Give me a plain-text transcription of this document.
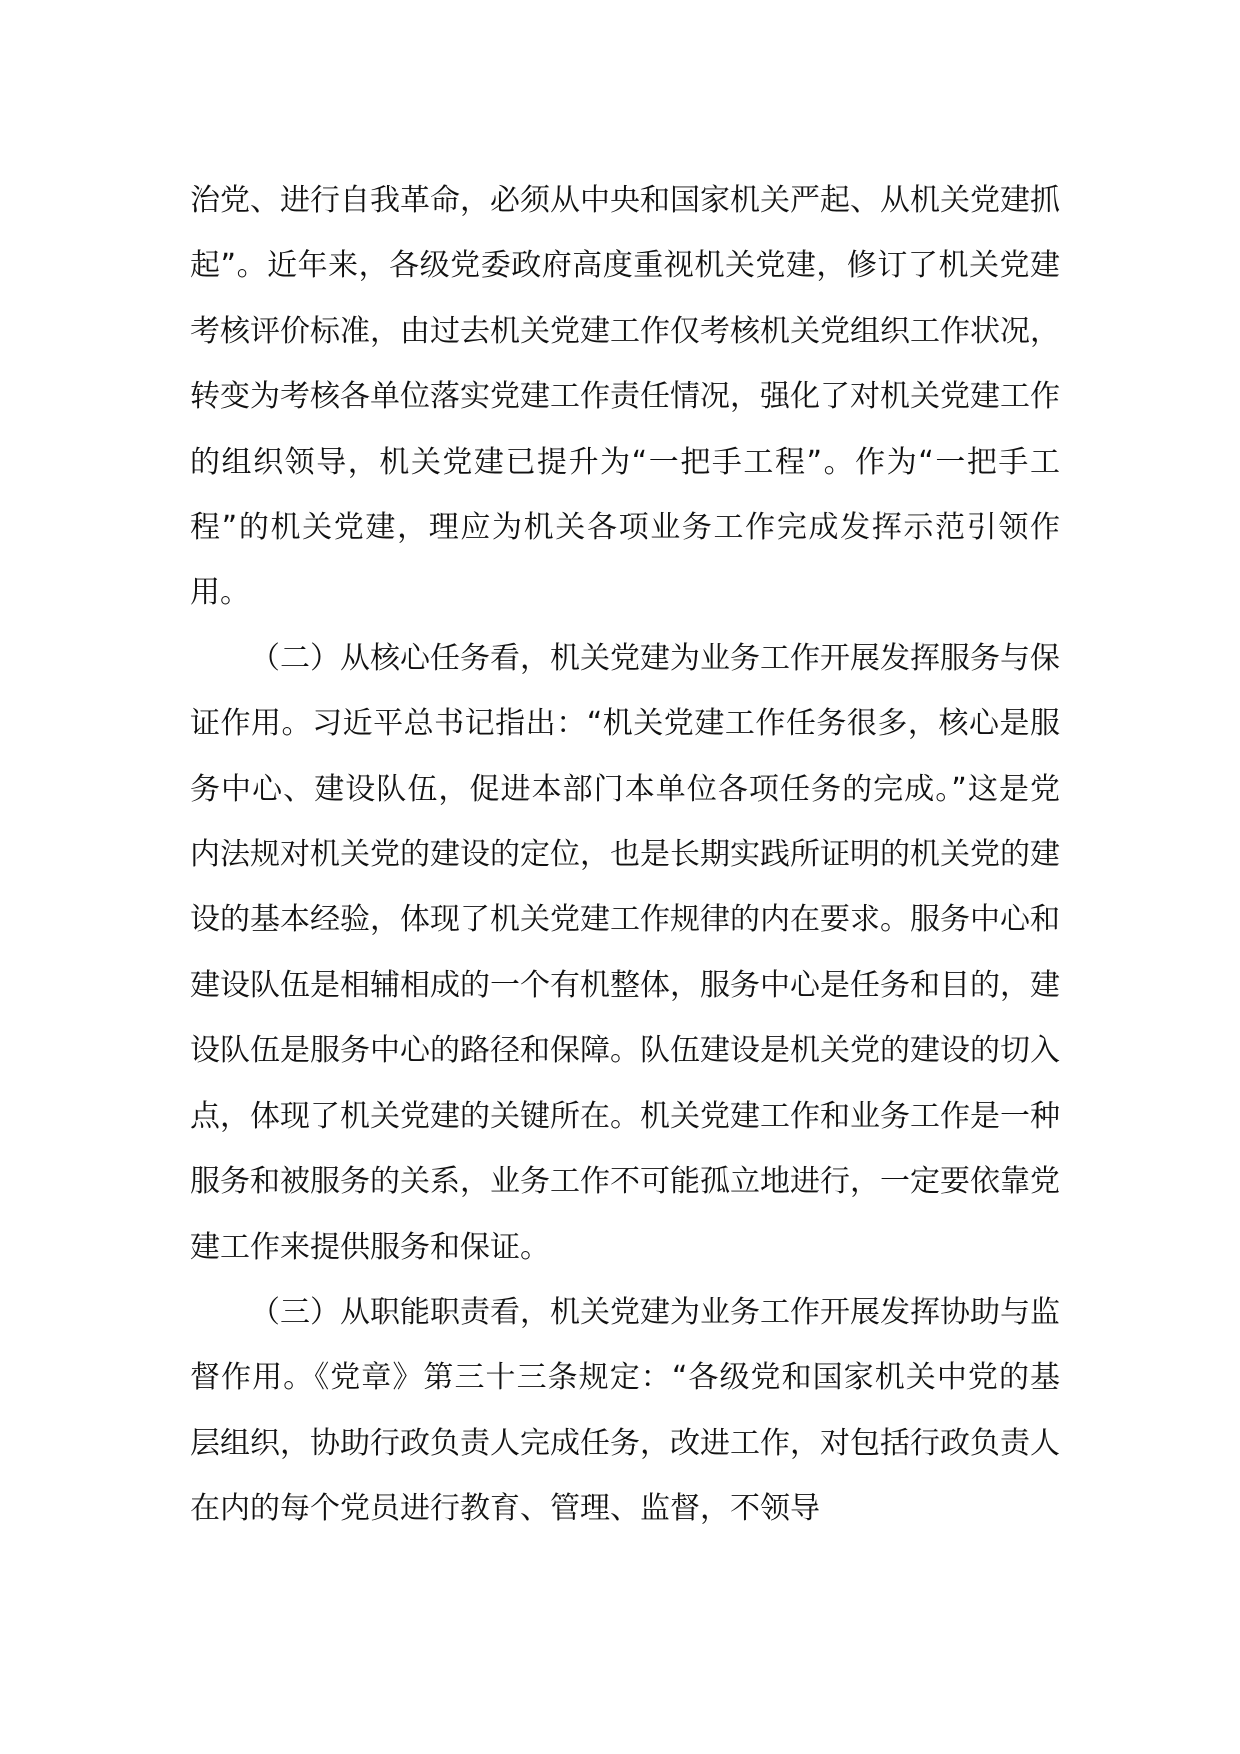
治党、进行自我革命，必须从中央和国家机关严起、从机关党建抓起”。近年来，各级党委政府高度重视机关党建，修订了机关党建考核评价标准，由过去机关党建工作仅考核机关党组织工作状况，转变为考核各单位落实党建工作责任情况，强化了对机关党建工作的组织领导，机关党建已提升为“一把手工程”。作为“一把手工程”的机关党建，理应为机关各项业务工作完成发挥示范引领作用。

（二）从核心任务看，机关党建为业务工作开展发挥服务与保证作用。习近平总书记指出：“机关党建工作任务很多，核心是服务中心、建设队伍，促进本部门本单位各项任务的完成。”这是党内法规对机关党的建设的定位，也是长期实践所证明的机关党的建设的基本经验，体现了机关党建工作规律的内在要求。服务中心和建设队伍是相辅相成的一个有机整体，服务中心是任务和目的，建设队伍是服务中心的路径和保障。队伍建设是机关党的建设的切入点，体现了机关党建的关键所在。机关党建工作和业务工作是一种服务和被服务的关系，业务工作不可能孤立地进行，一定要依靠党建工作来提供服务和保证。

（三）从职能职责看，机关党建为业务工作开展发挥协助与监督作用。《党章》第三十三条规定：“各级党和国家机关中党的基层组织，协助行政负责人完成任务，改进工作，对包括行政负责人在内的每个党员进行教育、管理、监督，不领导
